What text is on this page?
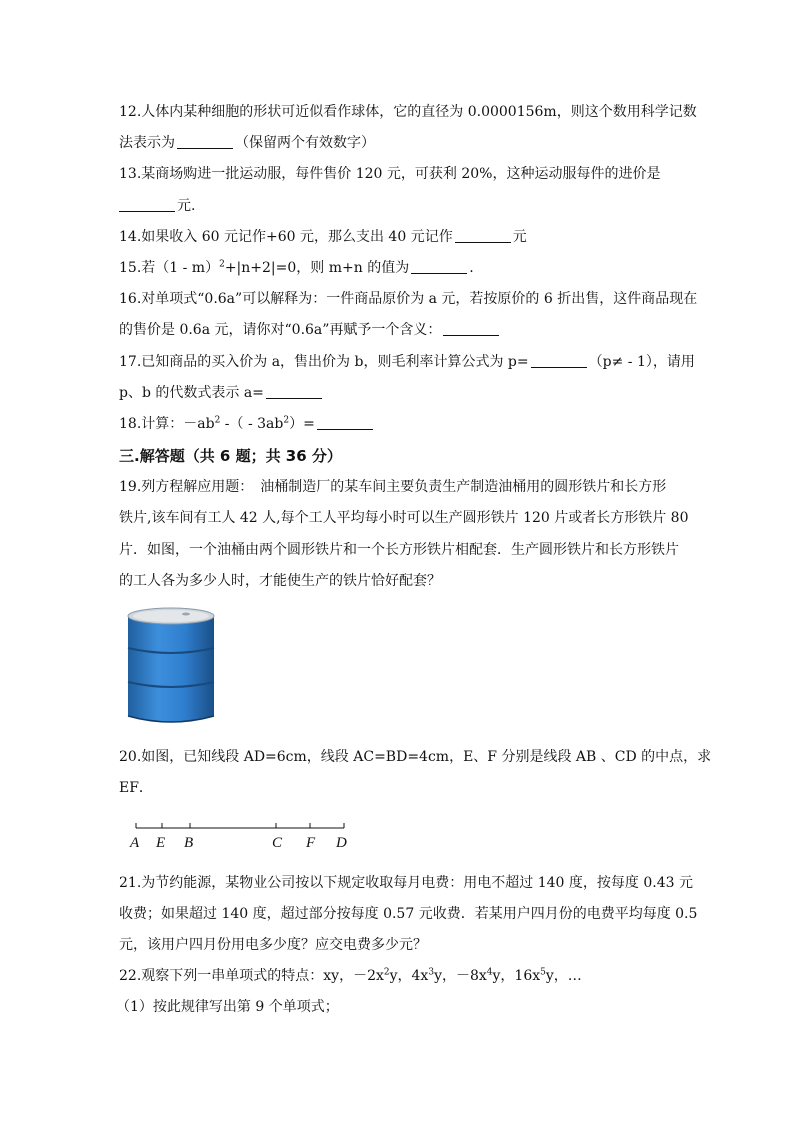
12.人体内某种细胞的形状可近似看作球体，它的直径为 0.0000156m，则这个数用科学记数
法表示为	（保留两个有效数字）
13.某商场购进一批运动服，每件售价 120 元，可获利 20%，这种运动服每件的进价是
元.
14.如果收入 60 元记作+60 元，那么支出 40 元记作	元
15.若（1 - m）$^2$+|n+2|=0，则 m+n 的值为	.
16.对单项式“0.6a”可以解释为：一件商品原价为 a 元，若按原价的 6 折出售，这件商品现在
的售价是 0.6a 元，请你对“0.6a”再赋予一个含义：
17.已知商品的买入价为 a，售出价为 b，则毛利率计算公式为 p=	（p≠ - 1），请用
p、b 的代数式表示 a=
18.计算：$-ab^2$ -（ - $3ab^2)=$
三.解答题（共 6 题；共 36 分）
19.列方程解应用题：　油桶制造厂的某车间主要负责生产制造油桶用的圆形铁片和长方形
铁片,该车间有工人 42 人,每个工人平均每小时可以生产圆形铁片 120 片或者长方形铁片 80
片．如图，一个油桶由两个圆形铁片和一个长方形铁片相配套．生产圆形铁片和长方形铁片
的工人各为多少人时，才能使生产的铁片恰好配套？
20.如图，已知线段 AD=6cm，线段 AC=BD=4cm，E、F 分别是线段 AB 、CD 的中点，求
EF．
A E B	C F D
21.为节约能源，某物业公司按以下规定收取每月电费：用电不超过 140 度，按每度 0.43 元
收费；如果超过 140 度，超过部分按每度 0.57 元收费．若某用户四月份的电费平均每度 0.5
元，该用户四月份用电多少度？应交电费多少元？
22.观察下列一串单项式的特点：xy，$-2x^2y$，$4x^3y$，$-8x^4y$，$16x^5y$，…
（1）按此规律写出第 9 个单项式；
